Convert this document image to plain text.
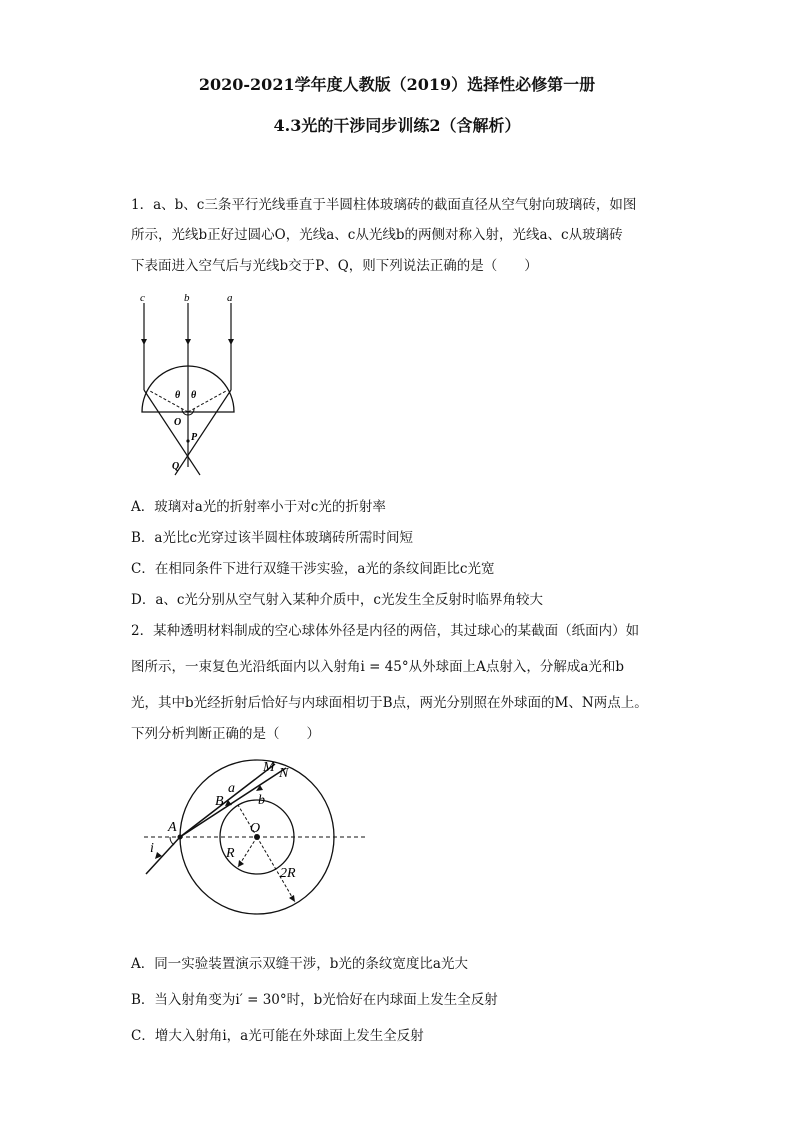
2020-2021学年度人教版（2019）选择性必修第一册
4.3光的干涉同步训练2（含解析）
1．a、b、c三条平行光线垂直于半圆柱体玻璃砖的截面直径从空气射向玻璃砖，如图
所示，光线b正好过圆心O，光线a、c从光线b的两侧对称入射，光线a、c从玻璃砖
下表面进入空气后与光线b交于P、Q，则下列说法正确的是（　　）
c	b	a
θ θ
O
P
Q
A．玻璃对a光的折射率小于对c光的折射率
B．a光比c光穿过该半圆柱体玻璃砖所需时间短
C．在相同条件下进行双缝干涉实验，a光的条纹间距比c光宽
D．a、c光分别从空气射入某种介质中，c光发生全反射时临界角较大
2．某种透明材料制成的空心球体外径是内径的两倍，其过球心的某截面（纸面内）如
图所示，一束复色光沿纸面内以入射角i = 45°从外球面上A点射入，分解成a光和b
光，其中b光经折射后恰好与内球面相切于B点，两光分别照在外球面的M、N两点上。
下列分析判断正确的是（　　）
M N
a
b
B
A	O
i	R
2R
A．同一实验装置演示双缝干涉，b光的条纹宽度比a光大
B．当入射角变为i′ = 30°时，b光恰好在内球面上发生全反射
C．增大入射角i，a光可能在外球面上发生全反射
